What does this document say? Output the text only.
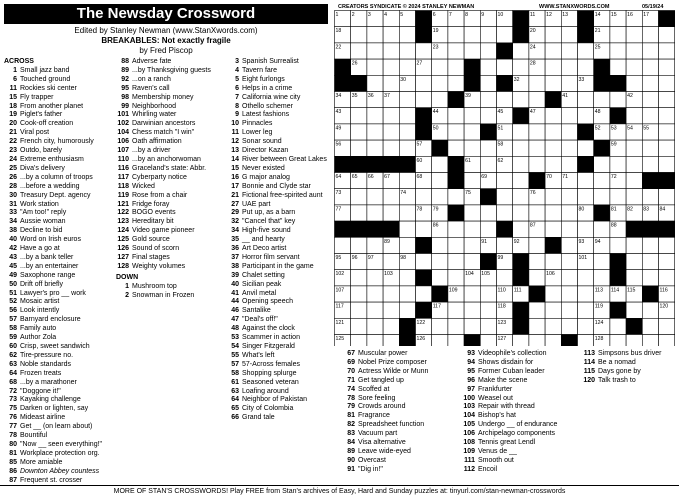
The Newsday Crossword
Edited by Stanley Newman (www.StanXwords.com)
BREAKABLES: Not exactly fragile
by Fred Piscop
ACROSS
1 Small jazz band
6 Touched ground
11 Rockies ski center
15 Fly trapper
18 From another planet
19 Piglet's father
20 Cook-off creation
21 Viral post
22 French city, humorously
23 Outdo, barely
24 Extreme enthusiasm
25 Diva's delivery
26 ...by a column of troops
28 ...before a wedding
30 Treasury Dept. agency
31 Work station
33 "Am too!" reply
34 Aussie woman
38 Decline to bid
40 Word on Irish euros
42 Have a go at
43 ...by a bank teller
45 ...by an entertainer
49 Saxophone range
50 Drift off briefly
51 Lawyer's pro __ work
52 Mosaic artist
56 Look intently
57 Barnyard enclosure
58 Family auto
59 Author Zola
60 Crisp, sweet sandwich
62 Tire-pressure no.
63 Noble standards
64 Frozen treats
68 ...by a marathoner
72 "Doggone it!"
73 Kayaking challenge
75 Darken or lighten, say
76 Mideast airline
77 Get __ (on learn about)
78 Bountiful
80 "Now __ seen everything!"
81 Workplace protection org.
85 More amiable
86 Downton Abbey countess
87 Frequent st. crosser
88 Adverse fate
89 ...by Thanksgiving guests
92 ...on a ranch
95 Raven's call
98 Membership money
99 Neighborhood
101 Whirling water
102 Darwinian ancestors
104 Chess match "I win"
106 Oath affirmation
107 ...by a driver
110 ...by an anchorwoman
116 Graceland's state: Abbr.
117 Cyberparty notice
118 Wicked
119 Rose from a chair
121 Fridge foray
122 BOGO events
123 Hereditary bit
124 Video game pioneer
125 Gold source
126 Sound of scorn
127 Final stages
128 Weighty volumes
DOWN
1 Mushroom top
2 Snowman in Frozen
3 Spanish Surrealist
4 Tavern fare
5 Eight furlongs
6 Helps in a crime
7 California wine city
8 Othello schemer
9 Latest fashions
10 Pinnacles
11 Lower leg
12 Sonar sound
13 Director Kazan
14 River between Great Lakes
15 Never existed
16 G major analog
17 Bonnie and Clyde star
21 Fictional free-spirited aunt
27 UAE part
29 Put up, as a barn
32 "Cancel that" key
34 High-five sound
35 __ and hearty
36 Art Deco artist
37 Horror film servant
38 Participant in the game
39 Chalet setting
40 Sicilian peak
41 Anvil metal
44 Opening speech
46 Santalike
47 "Deal's off!"
48 Against the clock
53 Scammer in action
54 Singer Fitzgerald
55 What's left
57 57-Across females
58 Shopping splurge
61 Seasoned veteran
63 Loafing around
64 Neighbor of Pakistan
65 City of Colombia
66 Grand tale
CREATORS SYNDICATE © 2024 STANLEY NEWMAN	WWW.STANXWORDS.COM	05/19/24
1	2	3	4	5	6	7	8	9	10	11 12 13	14 15 16 17
18	19	20	21
22	23	24	25
26	27	28	29
30	31 32	33
34 35 36 37	38 39	40 41	42
43	44	45 46 47	48
49	50	51	52 53 54 55
56	57	58	59
60	61	62	63
64 65 66 67	68	69	70 71	72
73	74	75	76
77	78 79	80	81 82 83 84
85	86	87	88
89	90	91	92	93 94
95 96 97	98	99 100	101
102	103	104 105	106
107	108 109	110 111 112	113 114 115	116
117	117	118	119	120
121	122	123	124
125	126	127	128
67 Muscular power
69 Nobel Prize composer
70 Actress Wilde or Munn
71 Get tangled up
74 Scoffed at
78 Sore feeling
79 Crowds around
81 Fragrance
82 Spreadsheet function
83 Vacuum part
84 Visa alternative
89 Leave wide-eyed
90 Overcast
91 "Dig in!"
93 Videophile's collection
94 Shows disdain for
95 Former Cuban leader
96 Make the scene
97 Frankfurter
100 Weasel out
103 Repair with thread
104 Bishop's hat
105 Undergo __ of endurance
106 Archipelago components
108 Tennis great Lendl
109 Venus de __
111 Smooth out
112 Encoil
113 Simpsons bus driver
114 Be a nomad
115 Days gone by
120 Talk trash to
MORE OF STAN'S CROSSWORDS! Play FREE from Stan's archives of Easy, Hard and Sunday puzzles at: tinyurl.com/stan-newman-crosswords
